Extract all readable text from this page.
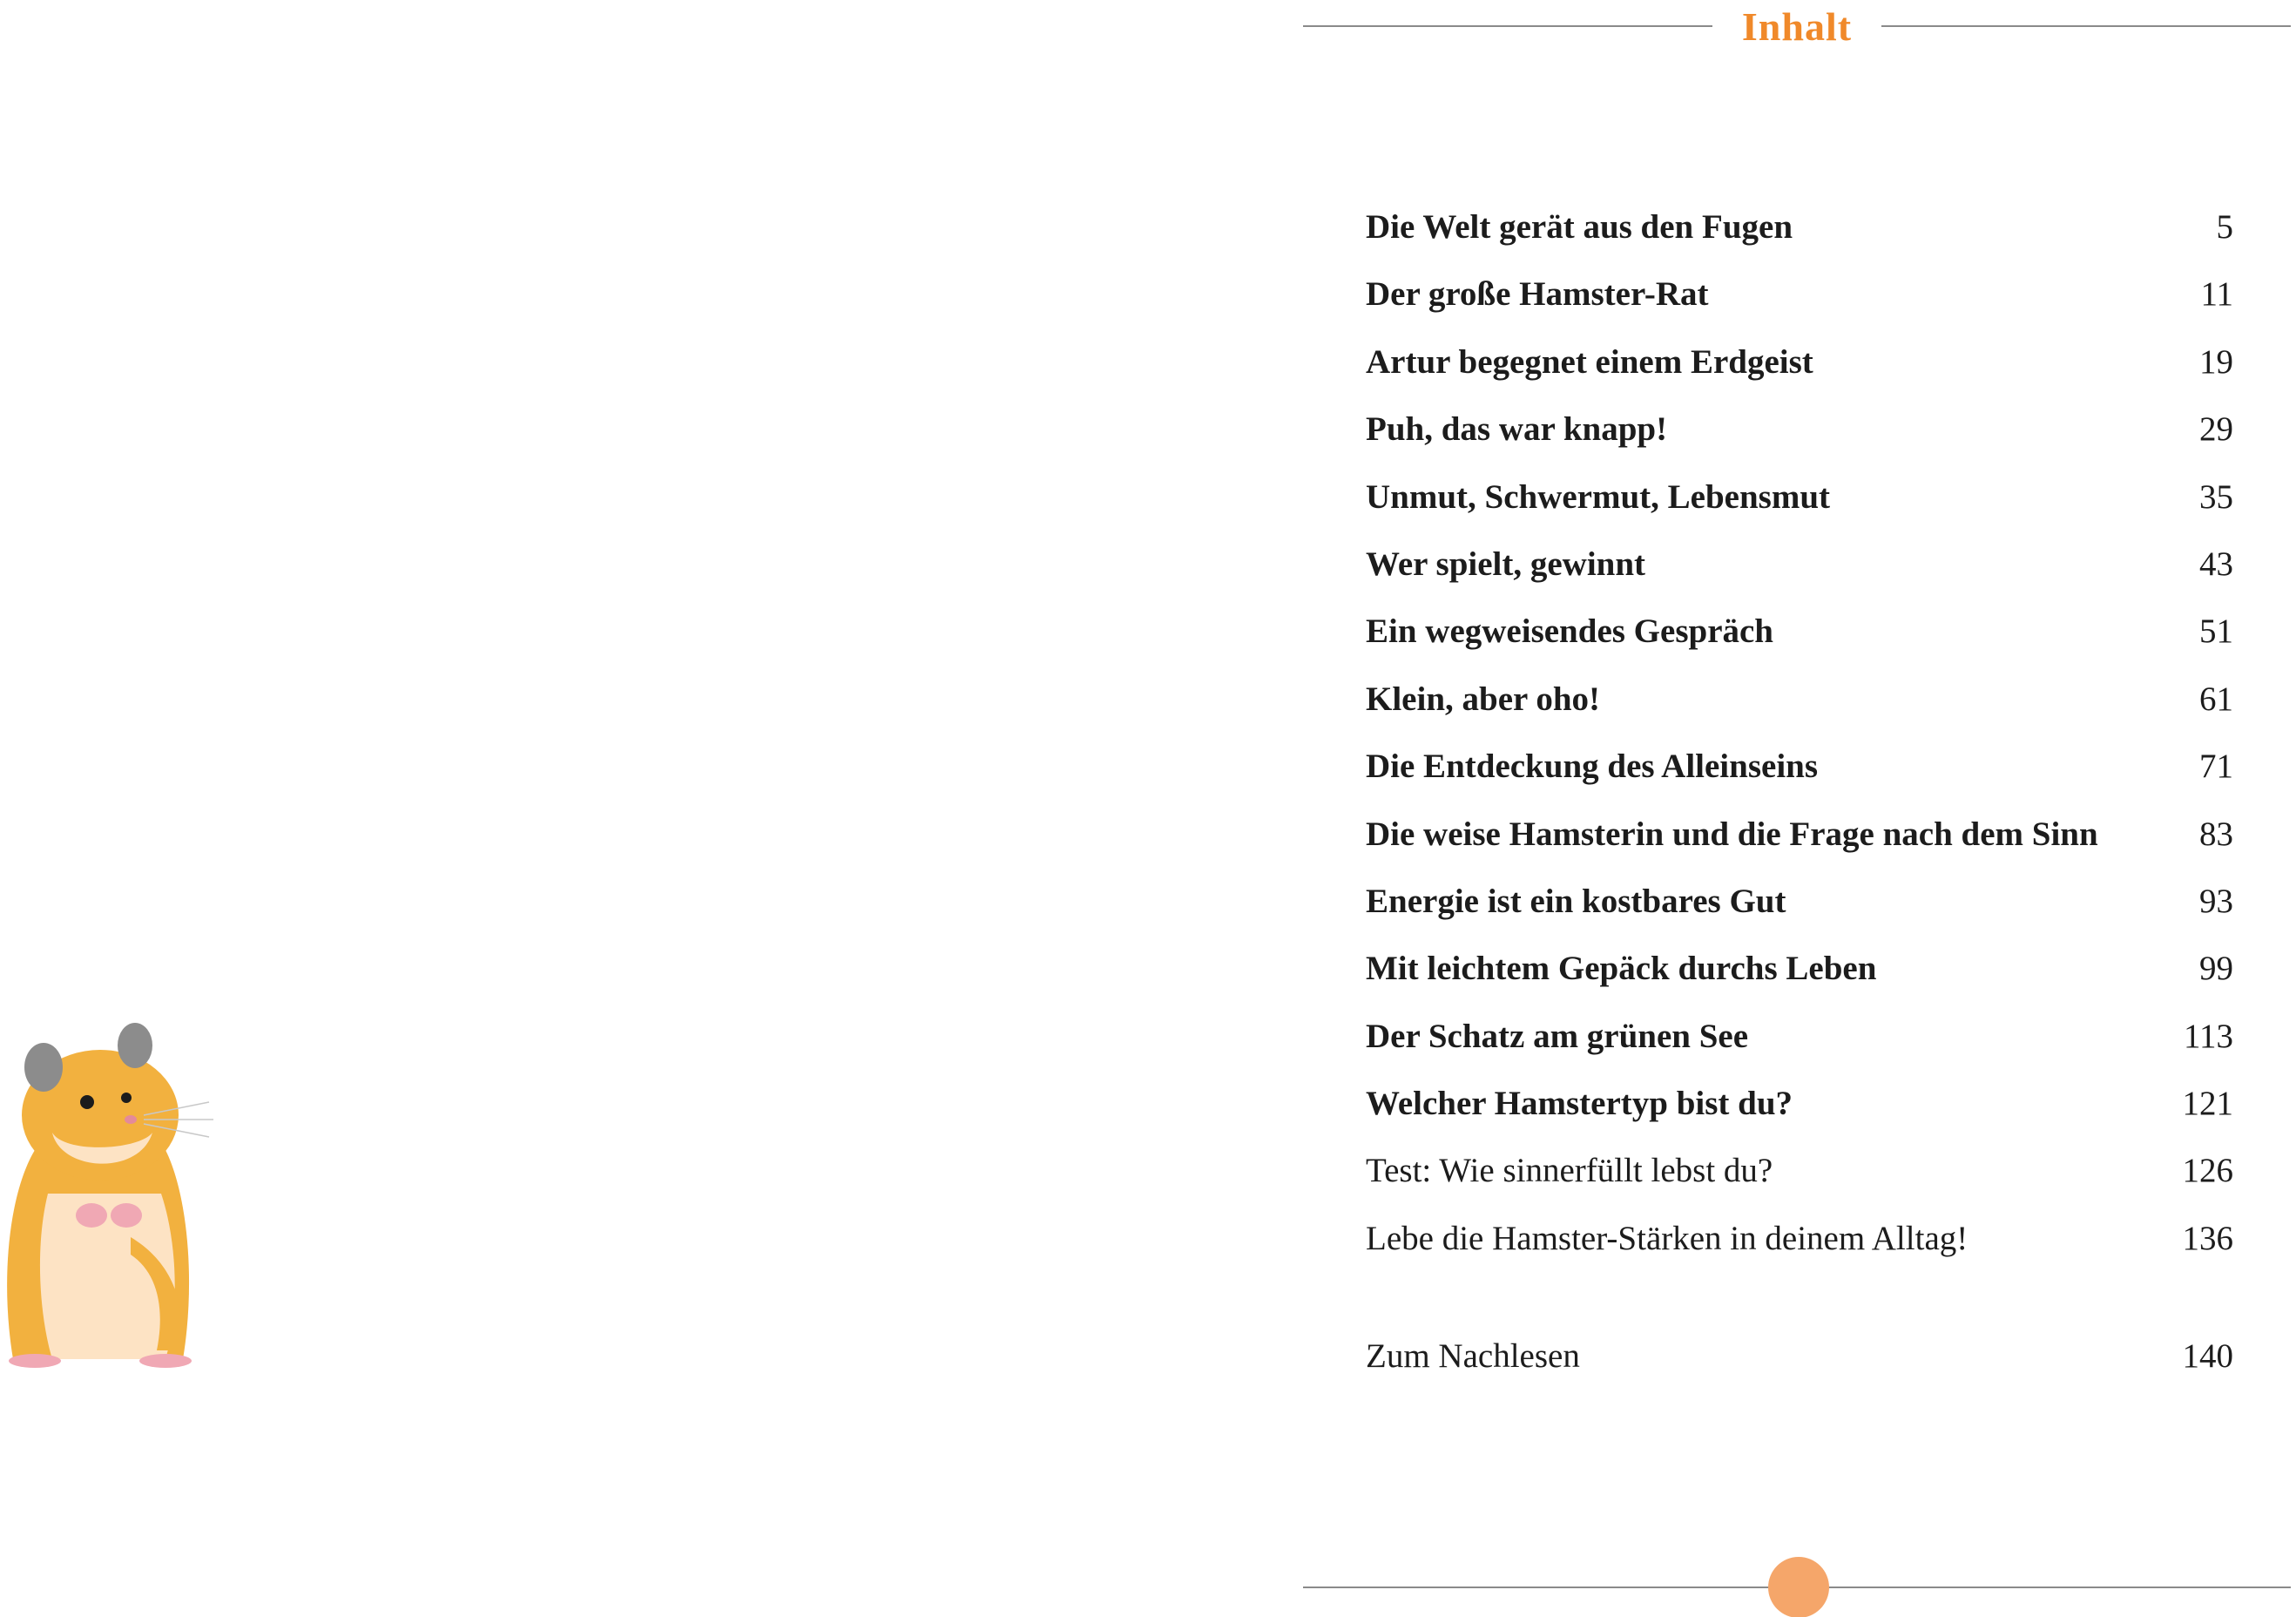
Inhalt
Die Welt gerät aus den Fugen	5
Der große Hamster-Rat	11
Artur begegnet einem Erdgeist	19
Puh, das war knapp!	29
Unmut, Schwermut, Lebensmut	35
Wer spielt, gewinnt	43
Ein wegweisendes Gespräch	51
Klein, aber oho!	61
Die Entdeckung des Alleinseins	71
Die weise Hamsterin und die Frage nach dem Sinn	83
Energie ist ein kostbares Gut	93
Mit leichtem Gepäck durchs Leben	99
Der Schatz am grünen See	113
Welcher Hamstertyp bist du?	121
Test: Wie sinnerfüllt lebst du?	126
Lebe die Hamster-Stärken in deinem Alltag!	136
Zum Nachlesen	140
